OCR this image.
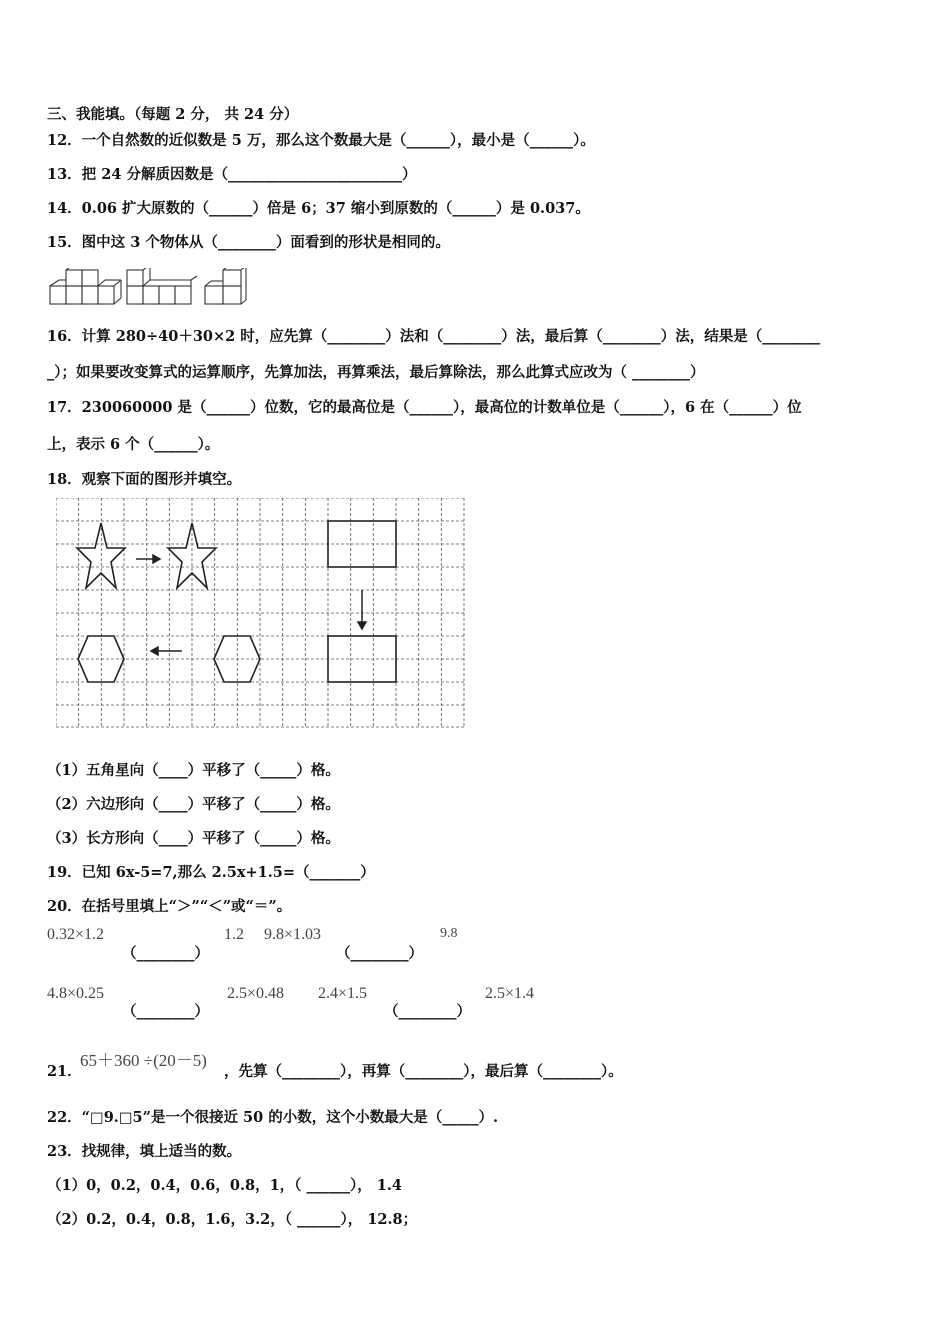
三、我能填。（每题 2 分， 共 24 分）
12．一个自然数的近似数是 5 万，那么这个数最大是（______），最小是（______）。
13．把 24 分解质因数是（________________________）
14．0.06 扩大原数的（______）倍是 6；37 缩小到原数的（______）是 0.037。
15．图中这 3 个物体从（________）面看到的形状是相同的。
16．计算 280÷40＋30×2 时，应先算（________）法和（________）法，最后算（________）法，结果是（________
_）；如果要改变算式的运算顺序，先算加法，再算乘法，最后算除法，那么此算式应改为（ ________）
17．230060000 是（______）位数，它的最高位是（______），最高位的计数单位是（______），6 在（______）位
上，表示 6 个（______）。
18．观察下面的图形并填空。
（1）五角星向（____）平移了（_____）格。
（2）六边形向（____）平移了（_____）格。
（3）长方形向（____）平移了（_____）格。
19．已知 6x-5=7,那么 2.5x+1.5=（_______）
20．在括号里填上“＞”“＜”或“＝”。
0.32×1.2
（________）
1.2 9.8×1.03
（________）
9.8
4.8×0.25
（________）
2.5×0.48 2.4×1.5
（________）
2.5×1.4
21．
65＋360 ÷(20－5)
，先算（________），再算（________），最后算（________）。
22．“□9.□5”是一个很接近 50 的小数，这个小数最大是（_____）.
23．找规律，填上适当的数。
（1）0，0.2，0.4，0.6，0.8，1，（ ______）， 1.4
（2）0.2，0.4，0.8，1.6，3.2，（ ______）， 12.8；
